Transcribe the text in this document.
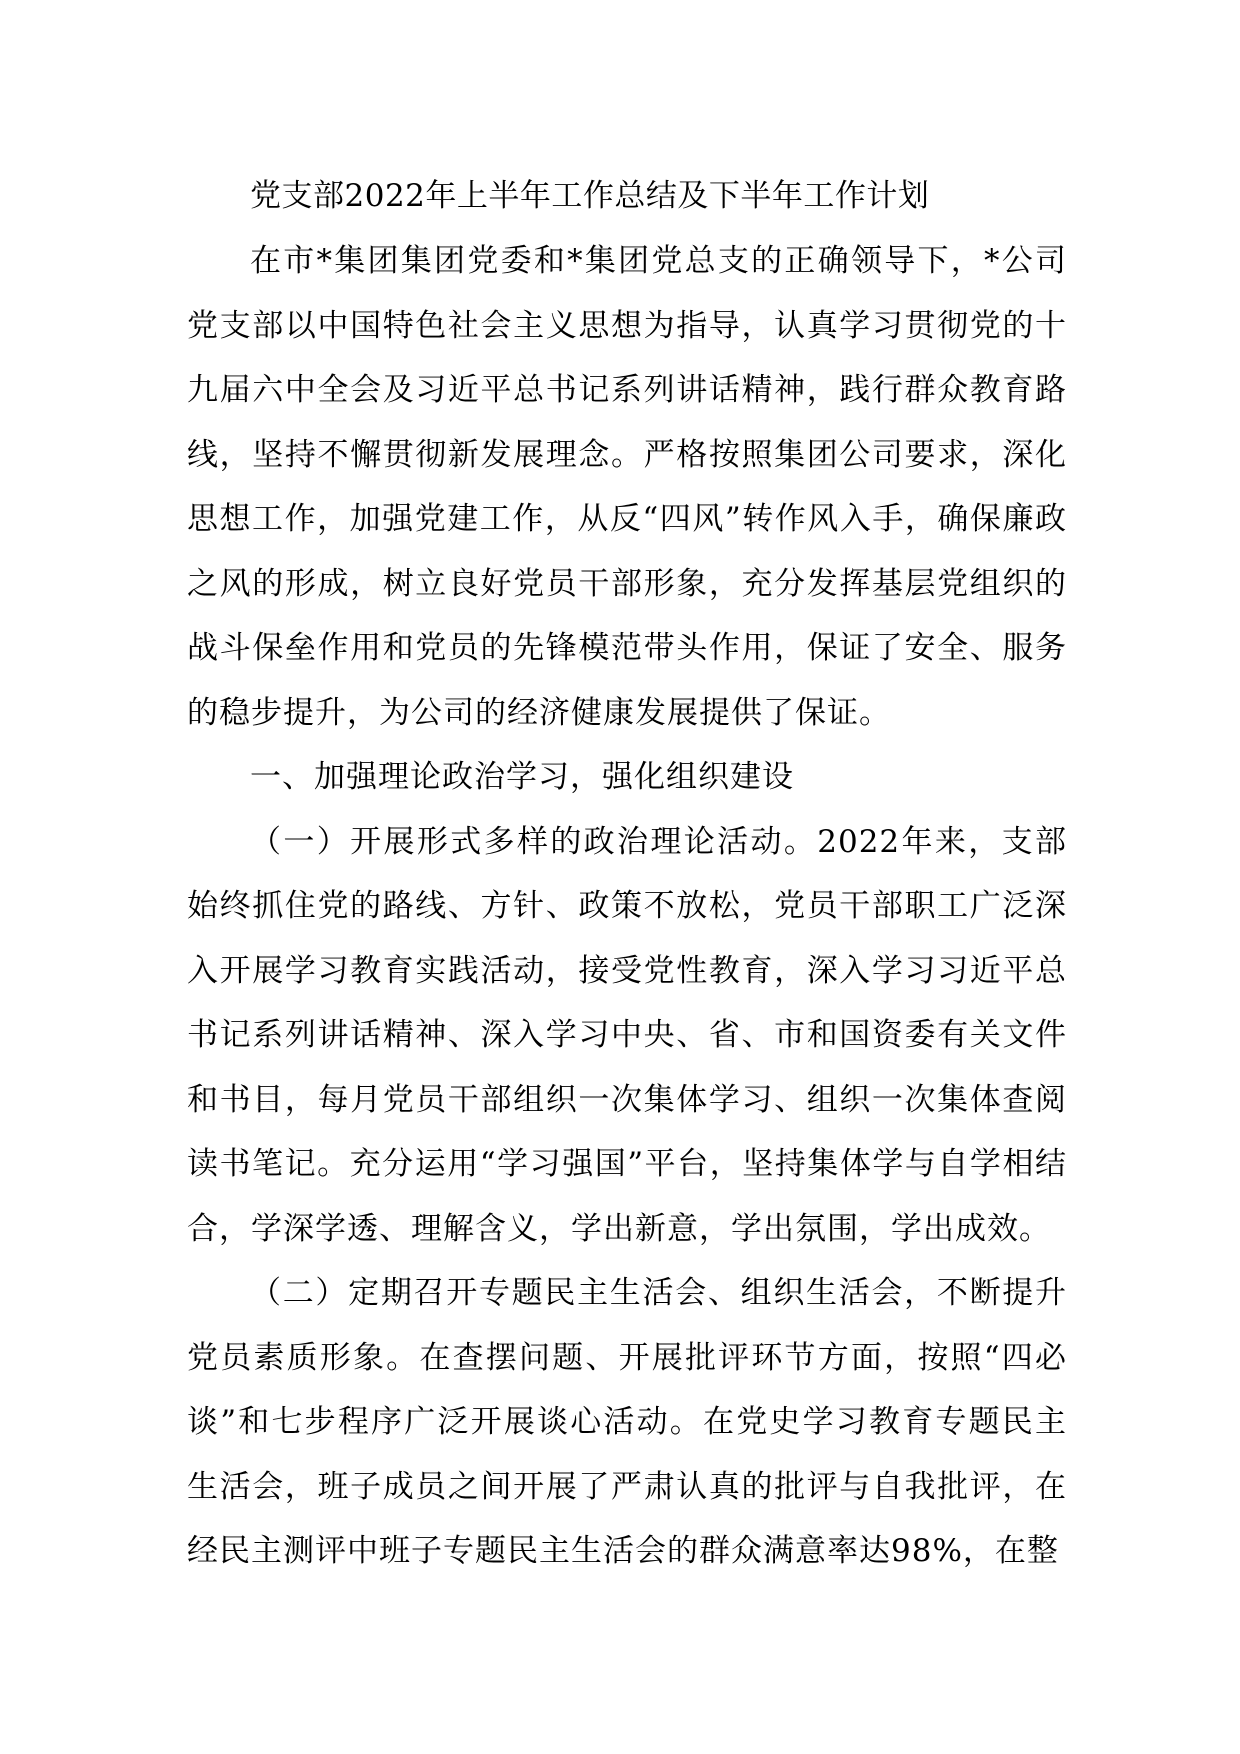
党支部2022年上半年工作总结及下半年工作计划

在市*集团集团党委和*集团党总支的正确领导下，*公司党支部以中国特色社会主义思想为指导，认真学习贯彻党的十九届六中全会及习近平总书记系列讲话精神，践行群众教育路线，坚持不懈贯彻新发展理念。严格按照集团公司要求，深化思想工作，加强党建工作，从反“四风”转作风入手，确保廉政之风的形成，树立良好党员干部形象，充分发挥基层党组织的战斗保垒作用和党员的先锋模范带头作用，保证了安全、服务的稳步提升，为公司的经济健康发展提供了保证。

一、加强理论政治学习，强化组织建设

（一）开展形式多样的政治理论活动。2022年来，支部始终抓住党的路线、方针、政策不放松，党员干部职工广泛深入开展学习教育实践活动，接受党性教育，深入学习习近平总书记系列讲话精神、深入学习中央、省、市和国资委有关文件和书目，每月党员干部组织一次集体学习、组织一次集体查阅读书笔记。充分运用“学习强国”平台，坚持集体学与自学相结合，学深学透、理解含义，学出新意，学出氛围，学出成效。

（二）定期召开专题民主生活会、组织生活会，不断提升党员素质形象。在查摆问题、开展批评环节方面，按照“四必谈”和七步程序广泛开展谈心活动。在党史学习教育专题民主生活会，班子成员之间开展了严肃认真的批评与自我批评，在经民主测评中班子专题民主生活会的群众满意率达98%，在整
